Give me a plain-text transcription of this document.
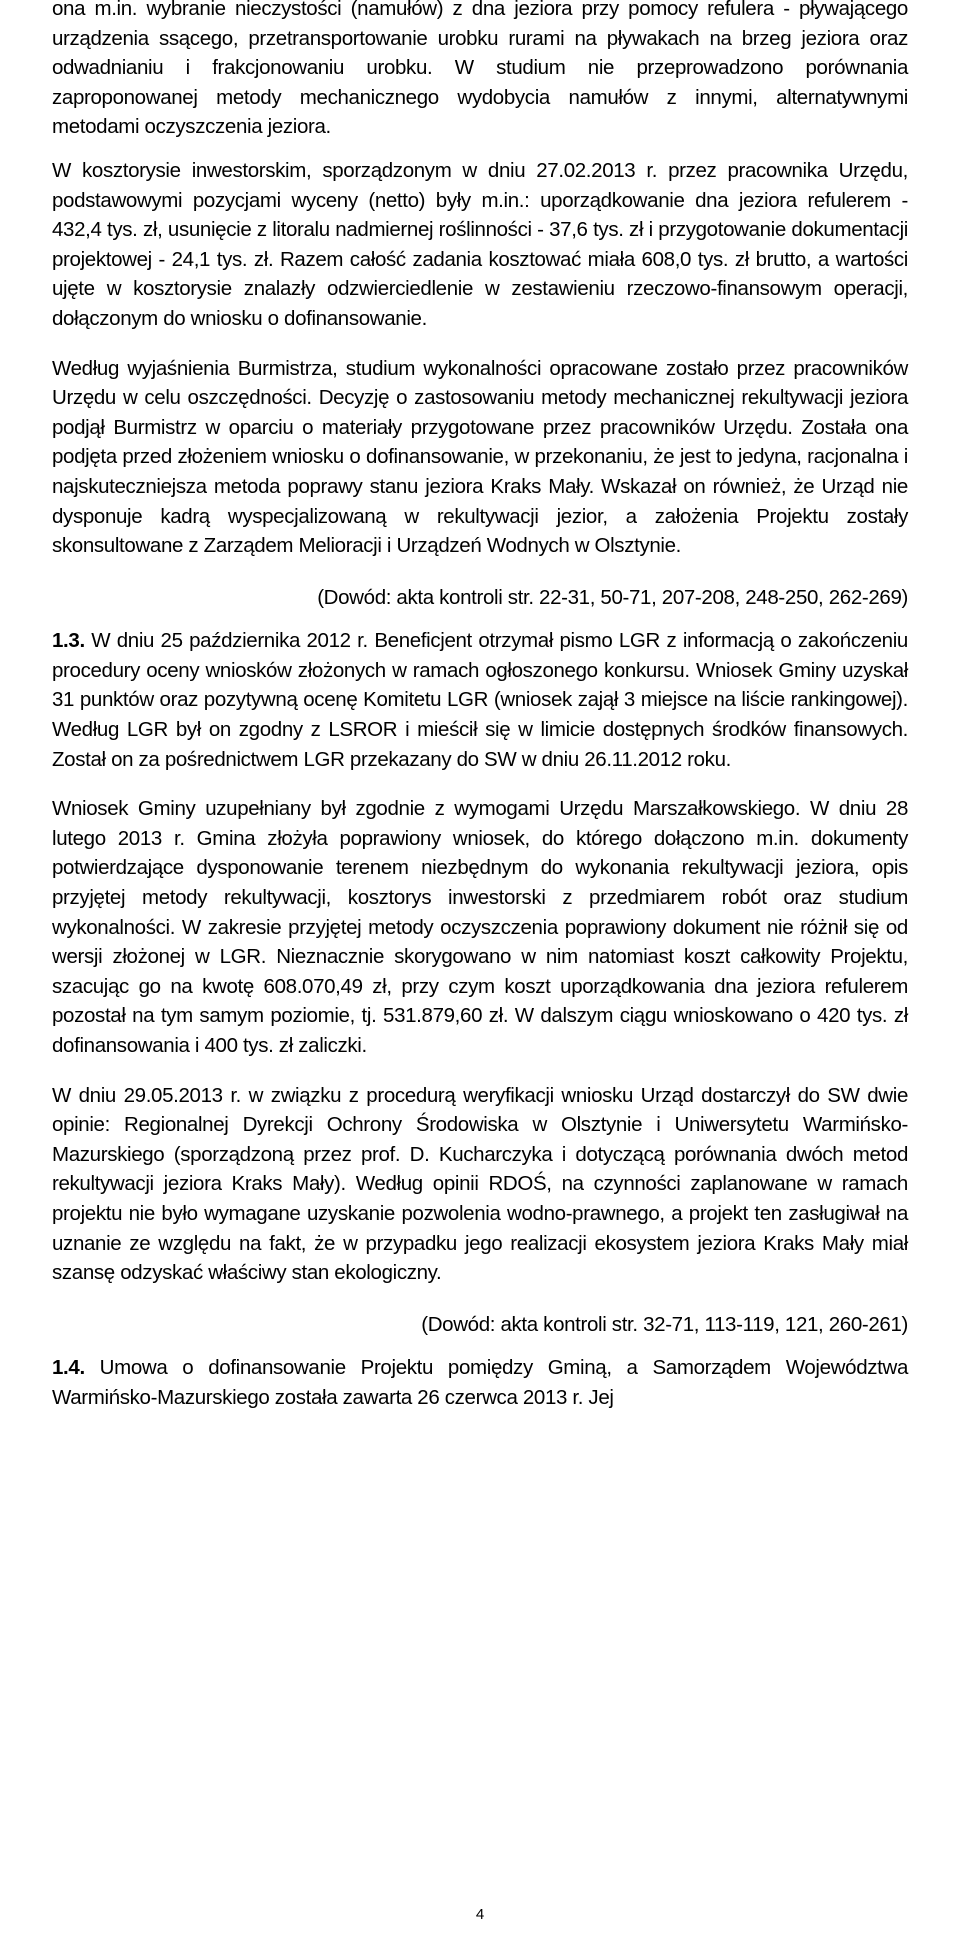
ona m.in. wybranie nieczystości (namułów) z dna jeziora przy pomocy refulera - pływającego urządzenia ssącego, przetransportowanie urobku rurami na pływakach na brzeg jeziora oraz odwadnianiu i frakcjonowaniu urobku. W studium nie przeprowadzono porównania zaproponowanej metody mechanicznego wydobycia namułów z innymi, alternatywnymi metodami oczyszczenia jeziora.

W kosztorysie inwestorskim, sporządzonym w dniu 27.02.2013 r. przez pracownika Urzędu, podstawowymi pozycjami wyceny (netto) były m.in.: uporządkowanie dna jeziora refulerem - 432,4 tys. zł, usunięcie z litoralu nadmiernej roślinności - 37,6 tys. zł i przygotowanie dokumentacji projektowej - 24,1 tys. zł. Razem całość zadania kosztować miała 608,0 tys. zł brutto, a wartości ujęte w kosztorysie znalazły odzwierciedlenie w zestawieniu rzeczowo-finansowym operacji, dołączonym do wniosku o dofinansowanie.

Według wyjaśnienia Burmistrza, studium wykonalności opracowane zostało przez pracowników Urzędu w celu oszczędności. Decyzję o zastosowaniu metody mechanicznej rekultywacji jeziora podjął Burmistrz w oparciu o materiały przygotowane przez pracowników Urzędu. Została ona podjęta przed złożeniem wniosku o dofinansowanie, w przekonaniu, że jest to jedyna, racjonalna i najskuteczniejsza metoda poprawy stanu jeziora Kraks Mały. Wskazał on również, że Urząd nie dysponuje kadrą wyspecjalizowaną w rekultywacji jezior, a założenia Projektu zostały skonsultowane z Zarządem Melioracji i Urządzeń Wodnych w Olsztynie.

(Dowód: akta kontroli str. 22-31, 50-71, 207-208, 248-250, 262-269)

1.3. W dniu 25 października 2012 r. Beneficjent otrzymał pismo LGR z informacją o zakończeniu procedury oceny wniosków złożonych w ramach ogłoszonego konkursu. Wniosek Gminy uzyskał 31 punktów oraz pozytywną ocenę Komitetu LGR (wniosek zajął 3 miejsce na liście rankingowej). Według LGR był on zgodny z LSROR i mieścił się w limicie dostępnych środków finansowych. Został on za pośrednictwem LGR przekazany do SW w dniu 26.11.2012 roku.

Wniosek Gminy uzupełniany był zgodnie z wymogami Urzędu Marszałkowskiego. W dniu 28 lutego 2013 r. Gmina złożyła poprawiony wniosek, do którego dołączono m.in. dokumenty potwierdzające dysponowanie terenem niezbędnym do wykonania rekultywacji jeziora, opis przyjętej metody rekultywacji, kosztorys inwestorski z przedmiarem robót oraz studium wykonalności. W zakresie przyjętej metody oczyszczenia poprawiony dokument nie różnił się od wersji złożonej w LGR. Nieznacznie skorygowano w nim natomiast koszt całkowity Projektu, szacując go na kwotę 608.070,49 zł, przy czym koszt uporządkowania dna jeziora refulerem pozostał na tym samym poziomie, tj. 531.879,60 zł. W dalszym ciągu wnioskowano o 420 tys. zł dofinansowania i 400 tys. zł zaliczki.

W dniu 29.05.2013 r. w związku z procedurą weryfikacji wniosku Urząd dostarczył do SW dwie opinie: Regionalnej Dyrekcji Ochrony Środowiska w Olsztynie i Uniwersytetu Warmińsko-Mazurskiego (sporządzoną przez prof. D. Kucharczyka i dotyczącą porównania dwóch metod rekultywacji jeziora Kraks Mały). Według opinii RDOŚ, na czynności zaplanowane w ramach projektu nie było wymagane uzyskanie pozwolenia wodno-prawnego, a projekt ten zasługiwał na uznanie ze względu na fakt, że w przypadku jego realizacji ekosystem jeziora Kraks Mały miał szansę odzyskać właściwy stan ekologiczny.

(Dowód: akta kontroli str. 32-71, 113-119, 121, 260-261)

1.4. Umowa o dofinansowanie Projektu pomiędzy Gminą, a Samorządem Województwa Warmińsko-Mazurskiego została zawarta 26 czerwca 2013 r. Jej

4
